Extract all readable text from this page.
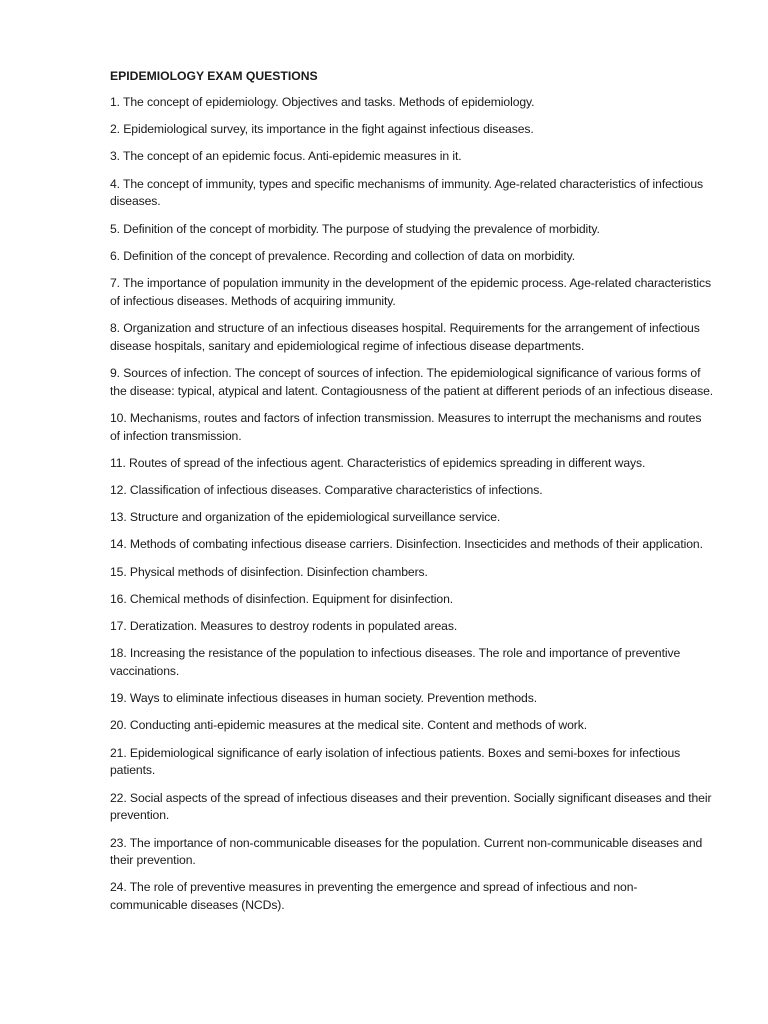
EPIDEMIOLOGY EXAM QUESTIONS
1. The concept of epidemiology. Objectives and tasks. Methods of epidemiology.
2. Epidemiological survey, its importance in the fight against infectious diseases.
3. The concept of an epidemic focus. Anti-epidemic measures in it.
4. The concept of immunity, types and specific mechanisms of immunity. Age-related characteristics of infectious diseases.
5. Definition of the concept of morbidity. The purpose of studying the prevalence of morbidity.
6. Definition of the concept of prevalence. Recording and collection of data on morbidity.
7. The importance of population immunity in the development of the epidemic process. Age-related characteristics of infectious diseases. Methods of acquiring immunity.
8. Organization and structure of an infectious diseases hospital. Requirements for the arrangement of infectious disease hospitals, sanitary and epidemiological regime of infectious disease departments.
9. Sources of infection. The concept of sources of infection. The epidemiological significance of various forms of the disease: typical, atypical and latent. Contagiousness of the patient at different periods of an infectious disease.
10. Mechanisms, routes and factors of infection transmission. Measures to interrupt the mechanisms and routes of infection transmission.
11. Routes of spread of the infectious agent. Characteristics of epidemics spreading in different ways.
12. Classification of infectious diseases. Comparative characteristics of infections.
13. Structure and organization of the epidemiological surveillance service.
14. Methods of combating infectious disease carriers. Disinfection. Insecticides and methods of their application.
15. Physical methods of disinfection. Disinfection chambers.
16. Chemical methods of disinfection. Equipment for disinfection.
17. Deratization. Measures to destroy rodents in populated areas.
18. Increasing the resistance of the population to infectious diseases. The role and importance of preventive vaccinations.
19. Ways to eliminate infectious diseases in human society. Prevention methods.
20. Conducting anti-epidemic measures at the medical site. Content and methods of work.
21. Epidemiological significance of early isolation of infectious patients. Boxes and semi-boxes for infectious patients.
22. Social aspects of the spread of infectious diseases and their prevention. Socially significant diseases and their prevention.
23. The importance of non-communicable diseases for the population. Current non-communicable diseases and their prevention.
24. The role of preventive measures in preventing the emergence and spread of infectious and non-communicable diseases (NCDs).
